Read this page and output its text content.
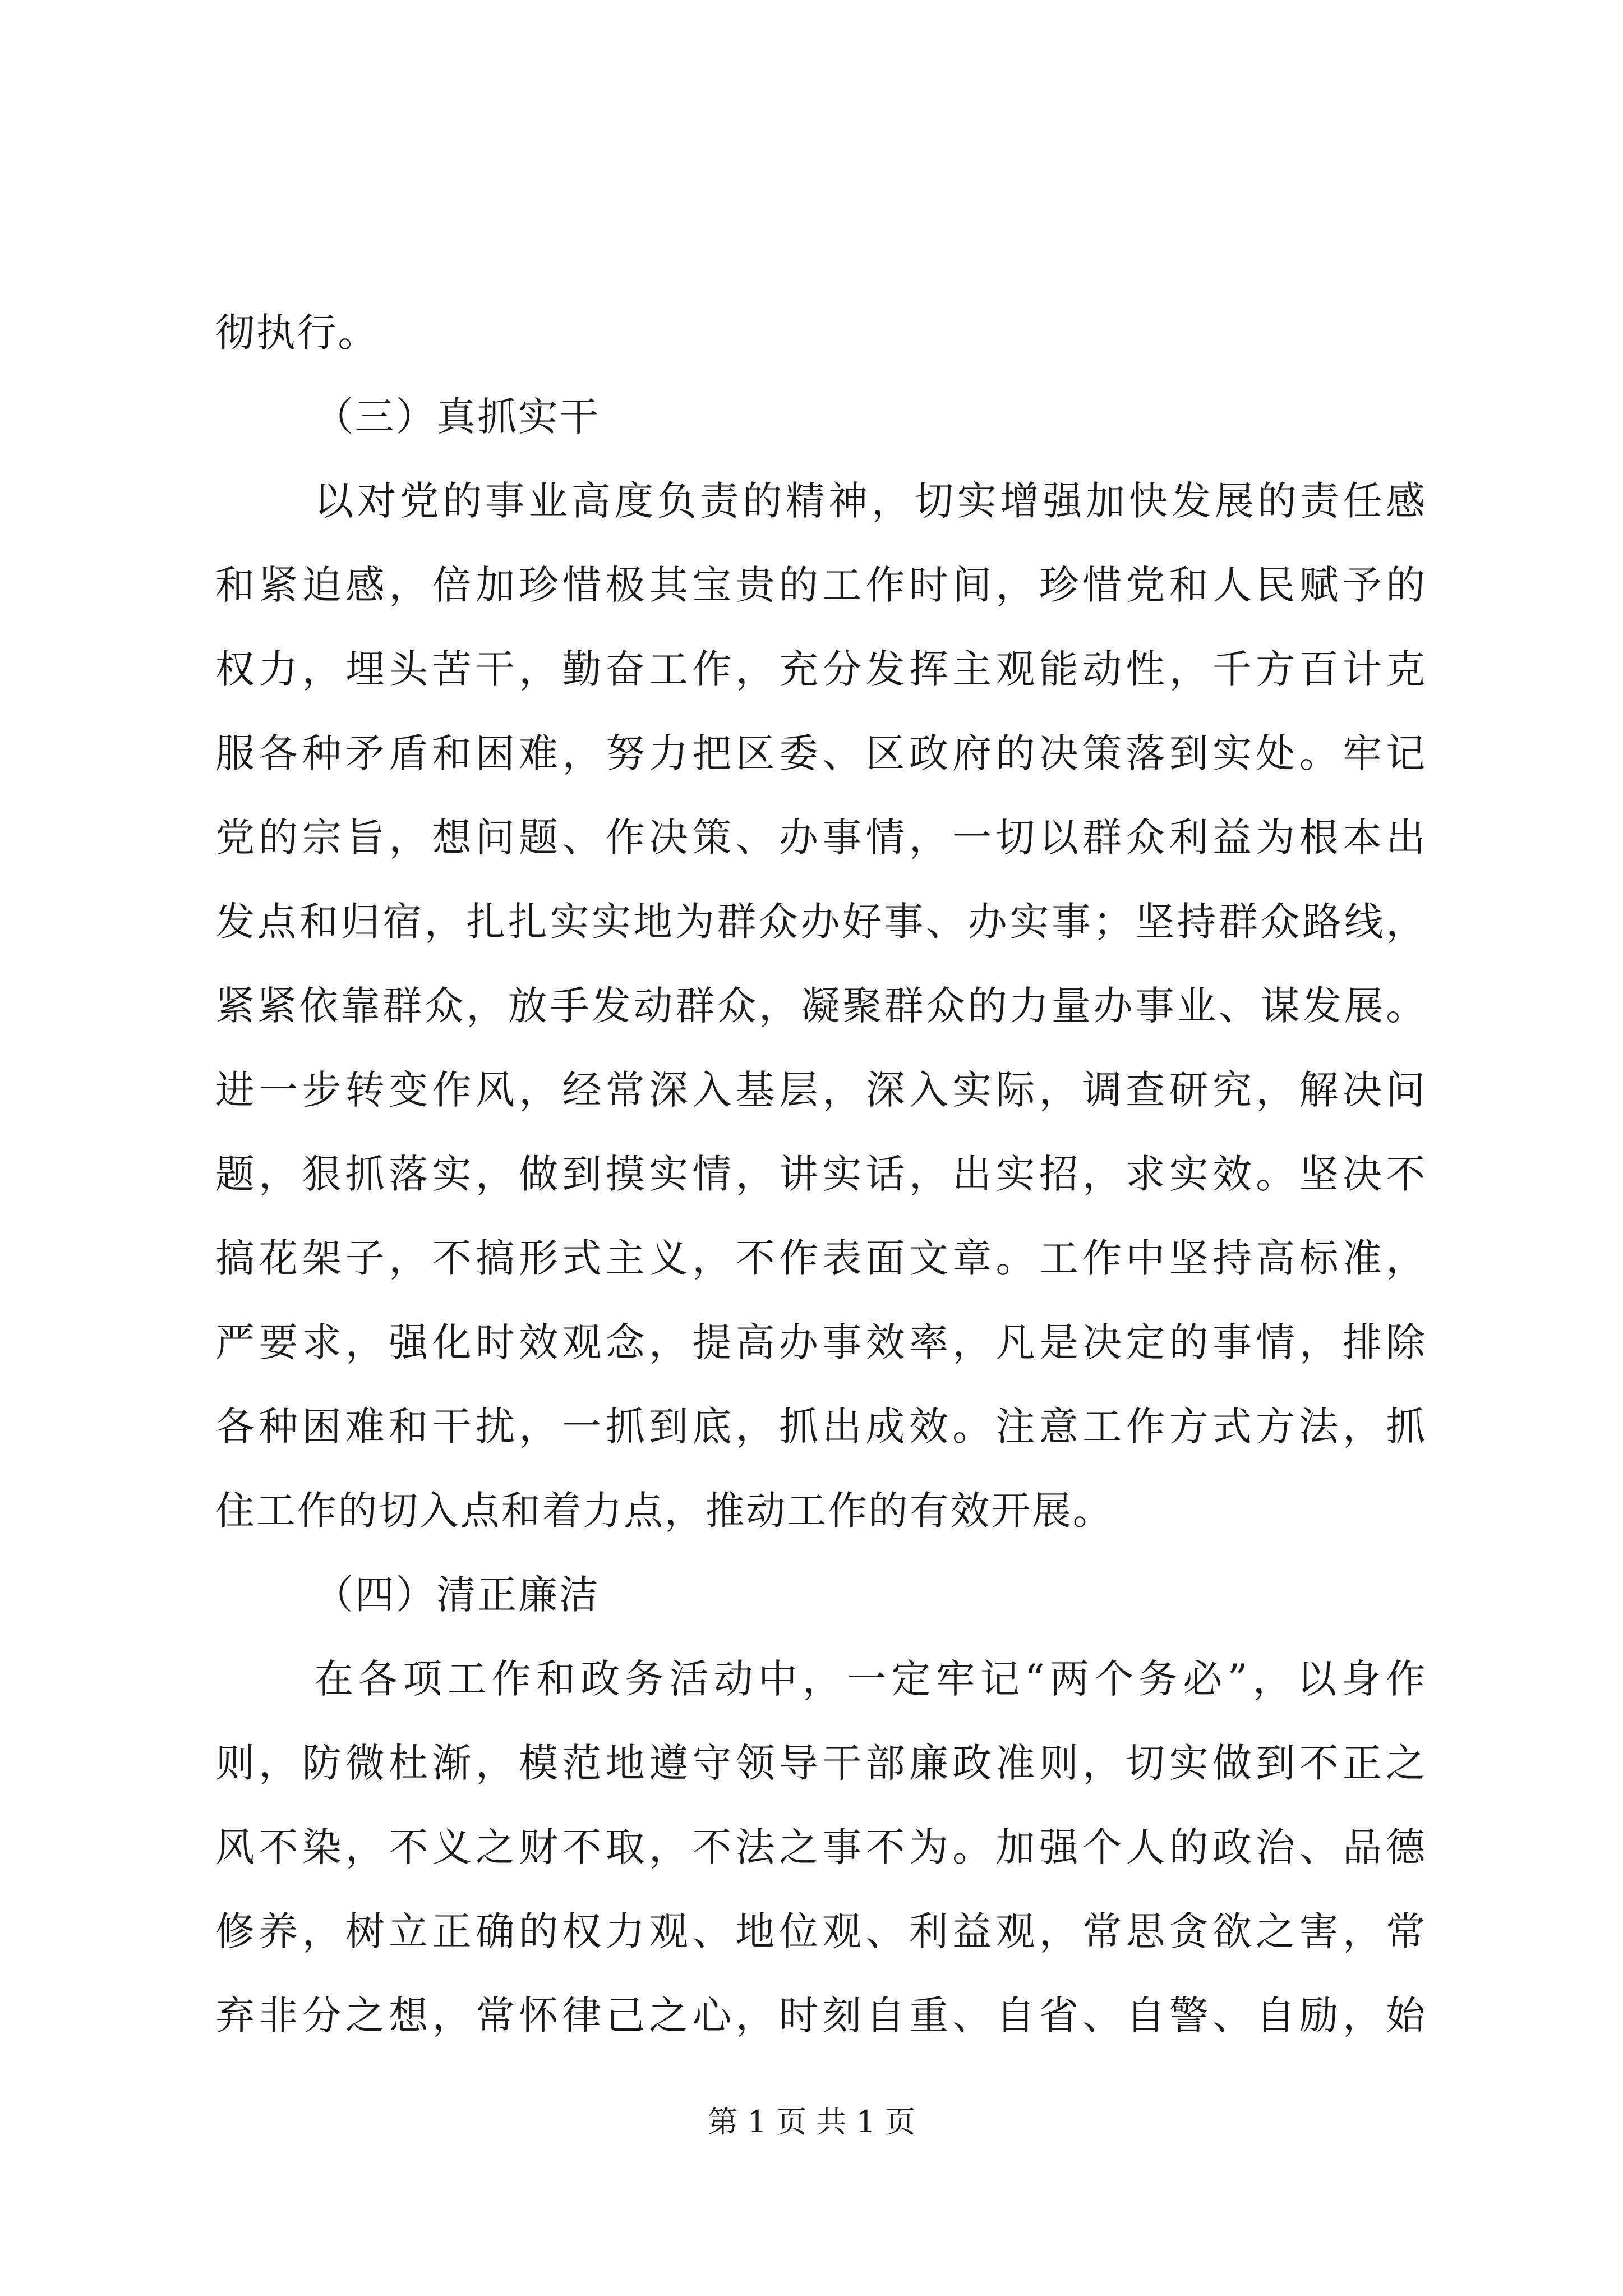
彻执行。
（三）真抓实干
以对党的事业高度负责的精神，切实增强加快发展的责任感
和紧迫感，倍加珍惜极其宝贵的工作时间，珍惜党和人民赋予的
权力，埋头苦干，勤奋工作，充分发挥主观能动性，千方百计克
服各种矛盾和困难，努力把区委、区政府的决策落到实处。牢记
党的宗旨，想问题、作决策、办事情，一切以群众利益为根本出
发点和归宿，扎扎实实地为群众办好事、办实事；坚持群众路线，
紧紧依靠群众，放手发动群众，凝聚群众的力量办事业、谋发展。
进一步转变作风，经常深入基层，深入实际，调查研究，解决问
题，狠抓落实，做到摸实情，讲实话，出实招，求实效。坚决不
搞花架子，不搞形式主义，不作表面文章。工作中坚持高标准，
严要求，强化时效观念，提高办事效率，凡是决定的事情，排除
各种困难和干扰，一抓到底，抓出成效。注意工作方式方法，抓
住工作的切入点和着力点，推动工作的有效开展。
（四）清正廉洁
在各项工作和政务活动中，一定牢记“两个务必”，以身作
则，防微杜渐，模范地遵守领导干部廉政准则，切实做到不正之
风不染，不义之财不取，不法之事不为。加强个人的政治、品德
修养，树立正确的权力观、地位观、利益观，常思贪欲之害，常
弃非分之想，常怀律己之心，时刻自重、自省、自警、自励，始
第 1 页 共 1 页
